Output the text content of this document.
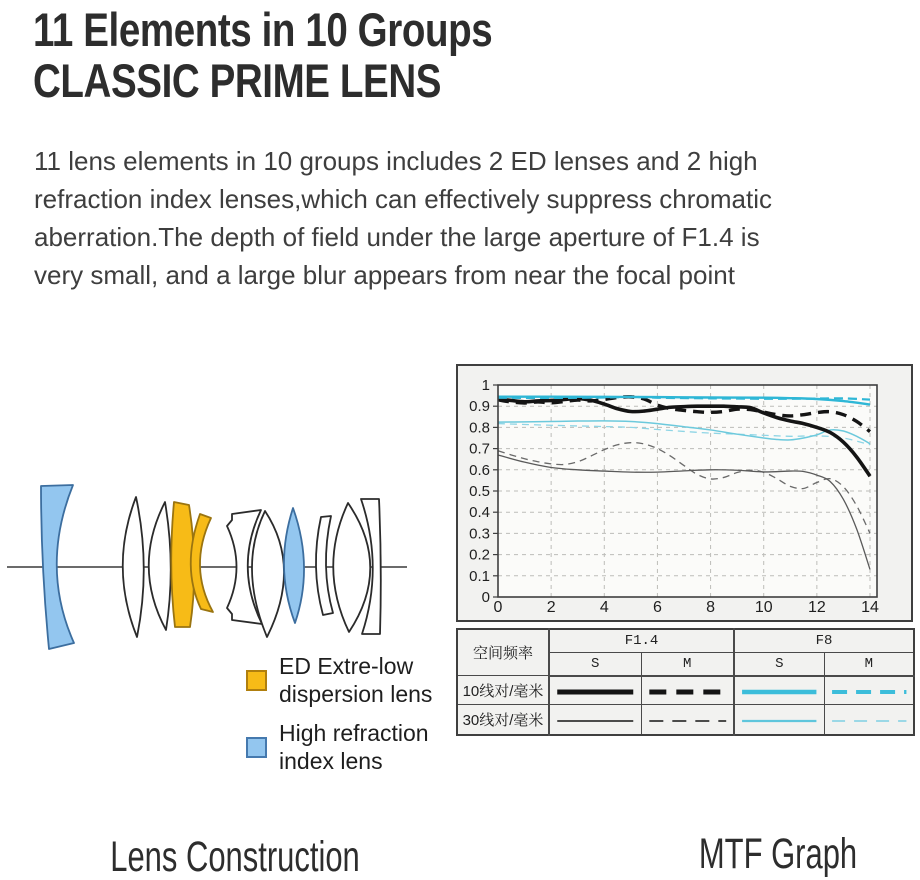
11 Elements in 10 Groups
CLASSIC PRIME LENS
11 lens elements in 10 groups includes 2 ED lenses and 2 high
refraction index lenses,which can effectively suppress chromatic
aberration.The depth of field under the large aperture of F1.4 is
very small, and a large blur appears from near the focal point
ED Extre-low
dispersion lens
High refraction
index lens
0
0.1
0.2
0.3
0.4
0.5
0.6
0.7
0.8
0.9
1
0	2	4	6	8 10 12 14
空间频率	F1.4		F8	
	S	M	S	M
10线对/毫米	

30线对/毫米	

Lens Construction	MTF Graph
